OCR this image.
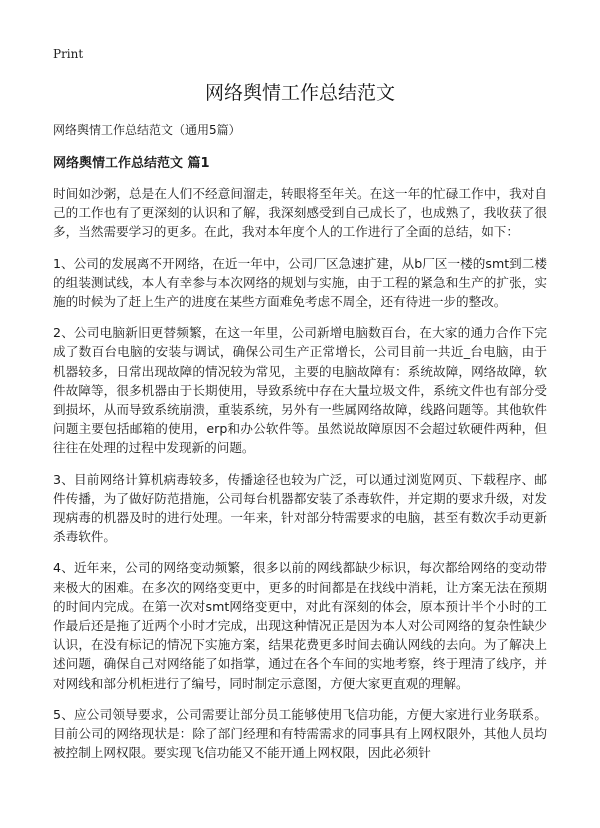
Print
网络舆情工作总结范文
网络舆情工作总结范文（通用5篇）
网络舆情工作总结范文 篇1

时间如沙粥，总是在人们不经意间溜走，转眼将至年关。在这一年的忙碌工作中，我对自己的工作也有了更深刻的认识和了解，我深刻感受到自己成长了，也成熟了，我收获了很多，当然需要学习的更多。在此，我对本年度个人的工作进行了全面的总结，如下：

1、公司的发展离不开网络，在近一年中，公司厂区急速扩建，从b厂区一楼的smt到二楼的组装测试线，本人有幸参与本次网络的规划与实施，由于工程的紧急和生产的扩张，实施的时候为了赶上生产的进度在某些方面难免考虑不周全，还有待进一步的整改。

2、公司电脑新旧更替频繁，在这一年里，公司新增电脑数百台，在大家的通力合作下完成了数百台电脑的安装与调试，确保公司生产正常增长，公司目前一共近_台电脑，由于机器较多，日常出现故障的情况较为常见，主要的电脑故障有：系统故障，网络故障，软件故障等，很多机器由于长期使用，导致系统中存在大量垃圾文件，系统文件也有部分受到损坏，从而导致系统崩溃，重装系统，另外有一些属网络故障，线路问题等。其他软件问题主要包括邮箱的使用，erp和办公软件等。虽然说故障原因不会超过软硬件两种，但往往在处理的过程中发现新的问题。

3、目前网络计算机病毒较多，传播途径也较为广泛，可以通过浏览网页、下载程序、邮件传播，为了做好防范措施，公司每台机器都安装了杀毒软件，并定期的要求升级，对发现病毒的机器及时的进行处理。一年来，针对部分特需要求的电脑，甚至有数次手动更新杀毒软件。

4、近年来，公司的网络变动频繁，很多以前的网线都缺少标识，每次都给网络的变动带来极大的困难。在多次的网络变更中，更多的时间都是在找线中消耗，让方案无法在预期的时间内完成。在第一次对smt网络变更中，对此有深刻的体会，原本预计半个小时的工作最后还是拖了近两个小时才完成，出现这种情况正是因为本人对公司网络的复杂性缺少认识，在没有标记的情况下实施方案，结果花费更多时间去确认网线的去向。为了解决上述问题，确保自己对网络能了如指掌，通过在各个车间的实地考察，终于理清了线序，并对网线和部分机柜进行了编号，同时制定示意图，方便大家更直观的理解。

5、应公司领导要求，公司需要让部分员工能够使用飞信功能，方便大家进行业务联系。目前公司的网络现状是：除了部门经理和有特需需求的同事具有上网权限外，其他人员均被控制上网权限。要实现飞信功能又不能开通上网权限，因此必须针
